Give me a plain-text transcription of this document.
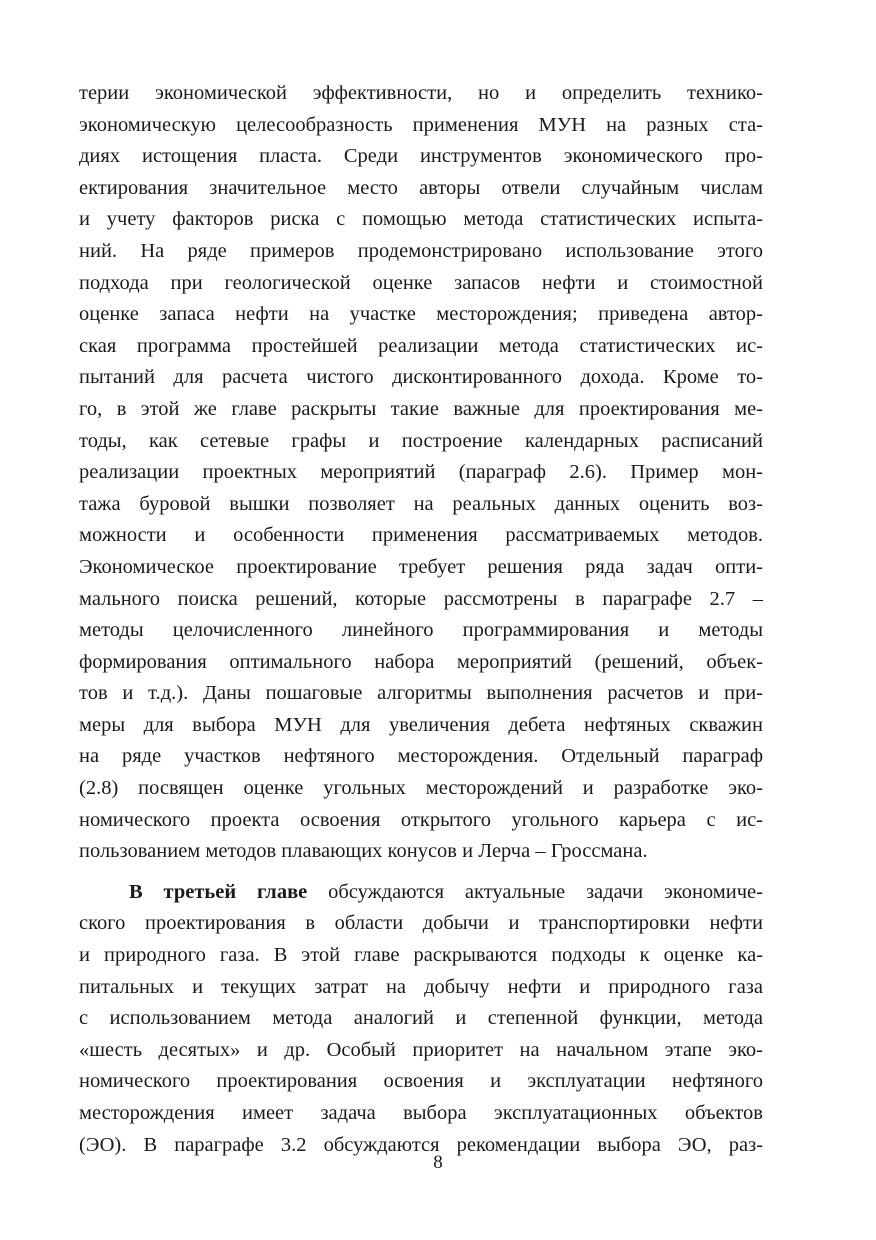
терии экономической эффективности, но и определить технико-
экономическую целесообразность применения МУН на разных ста-
диях истощения пласта. Среди инструментов экономического про-
ектирования значительное место авторы отвели случайным числам
и учету факторов риска с помощью метода статистических испыта-
ний. На ряде примеров продемонстрировано использование этого
подхода при геологической оценке запасов нефти и стоимостной
оценке запаса нефти на участке месторождения; приведена автор-
ская программа простейшей реализации метода статистических ис-
пытаний для расчета чистого дисконтированного дохода. Кроме то-
го, в этой же главе раскрыты такие важные для проектирования ме-
тоды, как сетевые графы и построение календарных расписаний
реализации проектных мероприятий (параграф 2.6). Пример мон-
тажа буровой вышки позволяет на реальных данных оценить воз-
можности и особенности применения рассматриваемых методов.
Экономическое проектирование требует решения ряда задач опти-
мального поиска решений, которые рассмотрены в параграфе 2.7 –
методы целочисленного линейного программирования и методы
формирования оптимального набора мероприятий (решений, объек-
тов и т.д.). Даны пошаговые алгоритмы выполнения расчетов и при-
меры для выбора МУН для увеличения дебета нефтяных скважин
на ряде участков нефтяного месторождения. Отдельный параграф
(2.8) посвящен оценке угольных месторождений и разработке эко-
номического проекта освоения открытого угольного карьера с ис-
пользованием методов плавающих конусов и Лерча – Гроссмана.
В третьей главе обсуждаются актуальные задачи экономиче-
ского проектирования в области добычи и транспортировки нефти
и природного газа. В этой главе раскрываются подходы к оценке ка-
питальных и текущих затрат на добычу нефти и природного газа
с использованием метода аналогий и степенной функции, метода
«шесть десятых» и др. Особый приоритет на начальном этапе эко-
номического проектирования освоения и эксплуатации нефтяного
месторождения имеет задача выбора эксплуатационных объектов
(ЭО). В параграфе 3.2 обсуждаются рекомендации выбора ЭО, раз-
8
